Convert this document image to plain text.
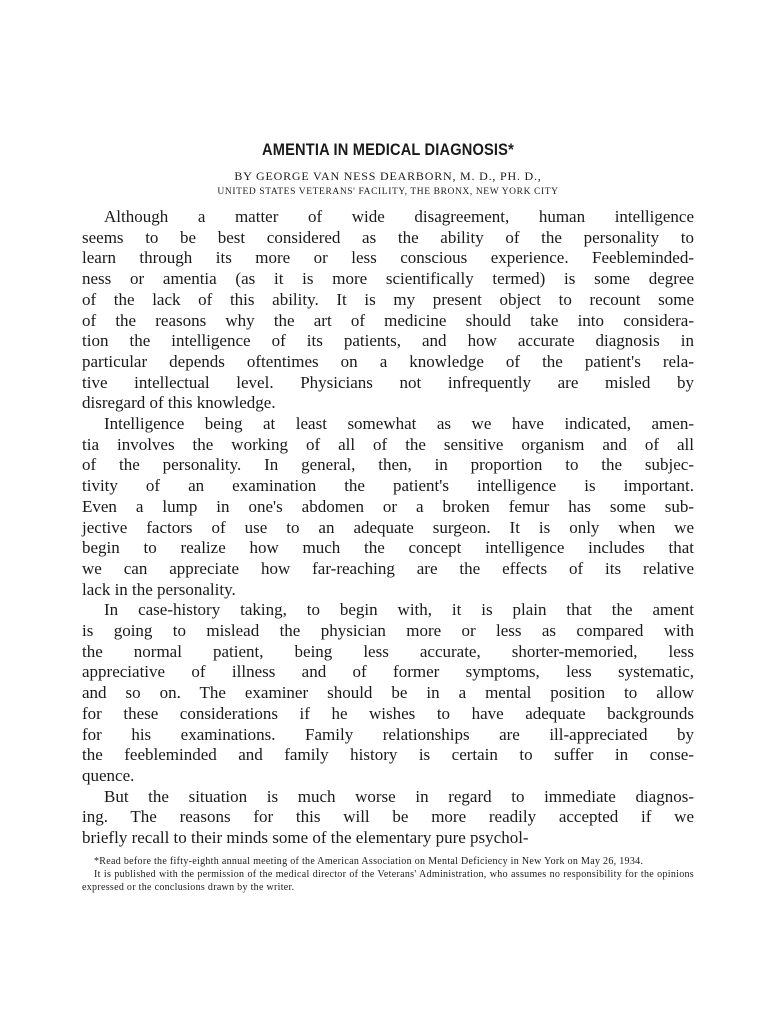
AMENTIA IN MEDICAL DIAGNOSIS*
BY GEORGE VAN NESS DEARBORN, M. D., PH. D.,
UNITED STATES VETERANS' FACILITY, THE BRONX, NEW YORK CITY

Although a matter of wide disagreement, human intelligence
seems to be best considered as the ability of the personality to
learn through its more or less conscious experience. Feebleminded-
ness or amentia (as it is more scientifically termed) is some degree
of the lack of this ability. It is my present object to recount some
of the reasons why the art of medicine should take into considera-
tion the intelligence of its patients, and how accurate diagnosis in
particular depends oftentimes on a knowledge of the patient's rela-
tive intellectual level. Physicians not infrequently are misled by
disregard of this knowledge.

Intelligence being at least somewhat as we have indicated, amen-
tia involves the working of all of the sensitive organism and of all
of the personality. In general, then, in proportion to the subjec-
tivity of an examination the patient's intelligence is important.
Even a lump in one's abdomen or a broken femur has some sub-
jective factors of use to an adequate surgeon. It is only when we
begin to realize how much the concept intelligence includes that
we can appreciate how far-reaching are the effects of its relative
lack in the personality.

In case-history taking, to begin with, it is plain that the ament
is going to mislead the physician more or less as compared with
the normal patient, being less accurate, shorter-memoried, less
appreciative of illness and of former symptoms, less systematic,
and so on. The examiner should be in a mental position to allow
for these considerations if he wishes to have adequate backgrounds
for his examinations. Family relationships are ill-appreciated by
the feebleminded and family history is certain to suffer in conse-
quence.

But the situation is much worse in regard to immediate diagnos-
ing. The reasons for this will be more readily accepted if we
briefly recall to their minds some of the elementary pure psychol-

*Read before the fifty-eighth annual meeting of the American Association on Mental Deficiency in New York on May 26, 1934.

It is published with the permission of the medical director of the Veterans' Administration, who assumes no responsibility for the opinions expressed or the conclusions drawn by the writer.
